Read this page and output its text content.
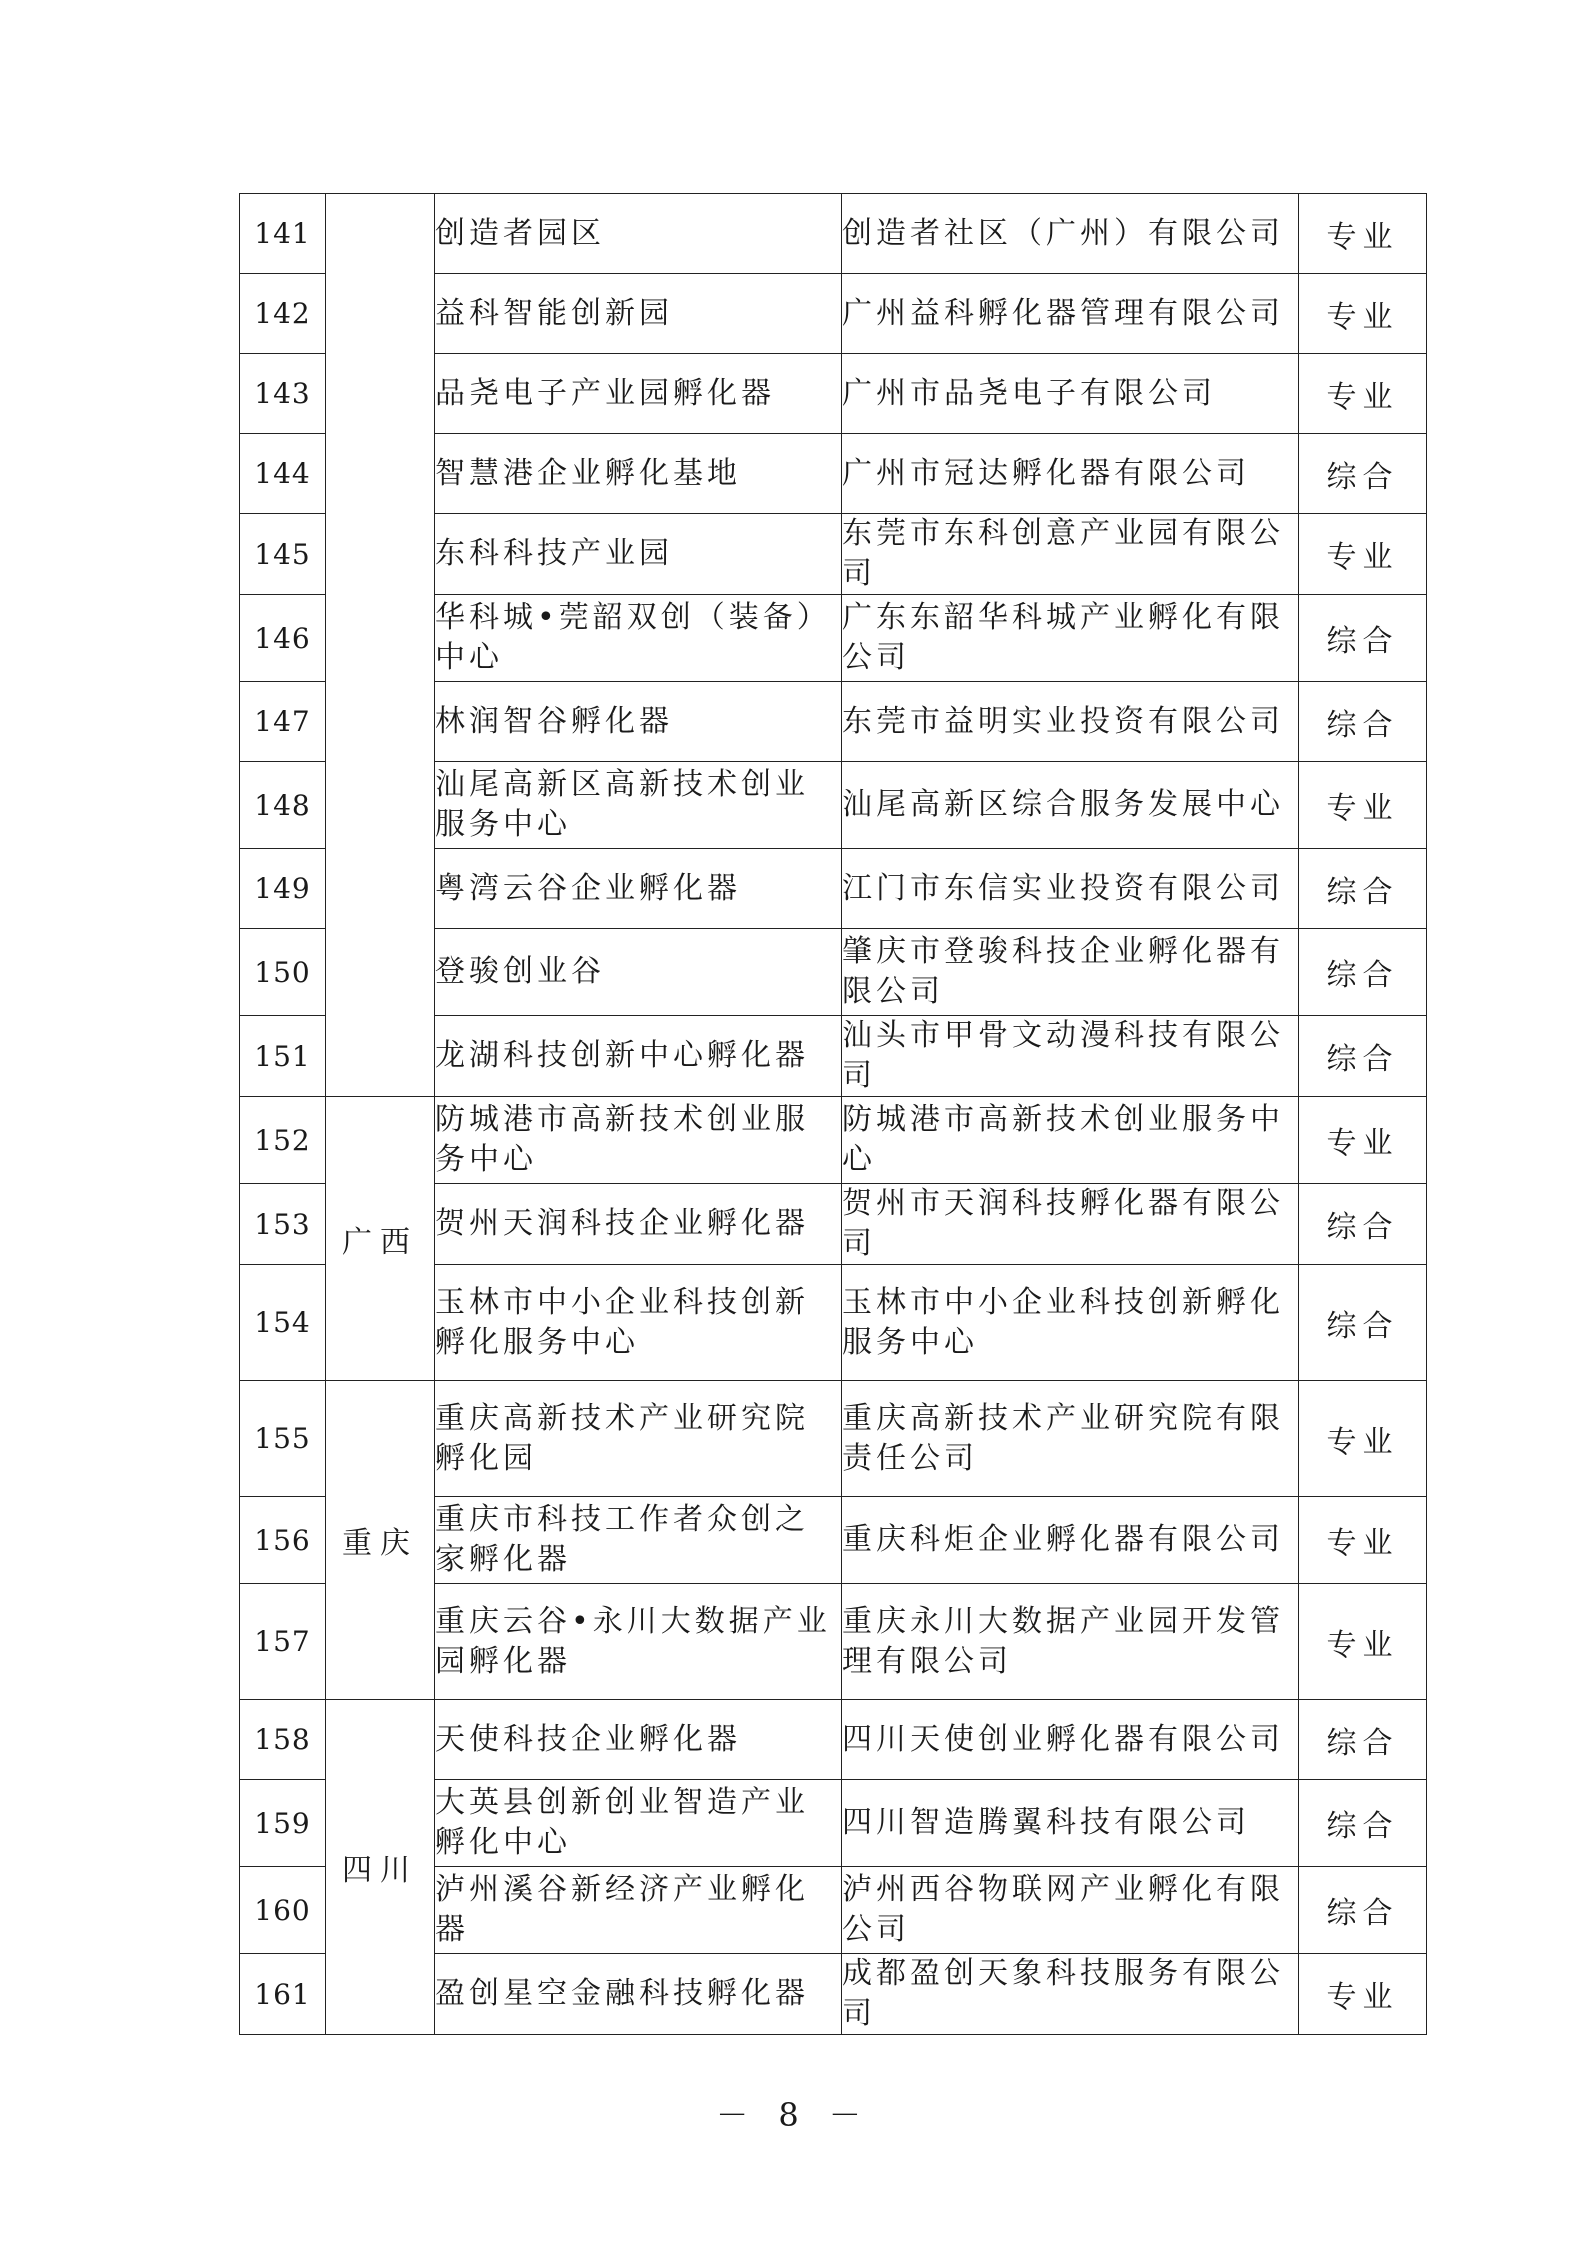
141		创造者园区	创造者社区（广州）有限公司	专业
142		益科智能创新园	广州益科孵化器管理有限公司	专业
143		品尧电子产业园孵化器	广州市品尧电子有限公司	专业
144		智慧港企业孵化基地	广州市冠达孵化器有限公司	综合
145		东科科技产业园	东莞市东科创意产业园有限公司	专业
146		华科城•莞韶双创（装备）中心	广东东韶华科城产业孵化有限公司	综合
147		林润智谷孵化器	东莞市益明实业投资有限公司	综合
148		汕尾高新区高新技术创业服务中心	汕尾高新区综合服务发展中心	专业
149		粤湾云谷企业孵化器	江门市东信实业投资有限公司	综合
150		登骏创业谷	肇庆市登骏科技企业孵化器有限公司	综合
151		龙湖科技创新中心孵化器	汕头市甲骨文动漫科技有限公司	综合
152	广西	防城港市高新技术创业服务中心	防城港市高新技术创业服务中心	专业
153		贺州天润科技企业孵化器	贺州市天润科技孵化器有限公司	综合
154		玉林市中小企业科技创新孵化服务中心	玉林市中小企业科技创新孵化服务中心	综合
155	重庆	重庆高新技术产业研究院孵化园	重庆高新技术产业研究院有限责任公司	专业
156		重庆市科技工作者众创之家孵化器	重庆科炬企业孵化器有限公司	专业
157		重庆云谷•永川大数据产业园孵化器	重庆永川大数据产业园开发管理有限公司	专业
158	四川	天使科技企业孵化器	四川天使创业孵化器有限公司	综合
159		大英县创新创业智造产业孵化中心	四川智造腾翼科技有限公司	综合
160		泸州溪谷新经济产业孵化器	泸州西谷物联网产业孵化有限公司	综合
161		盈创星空金融科技孵化器	成都盈创天象科技服务有限公司	专业
－ 8 －
